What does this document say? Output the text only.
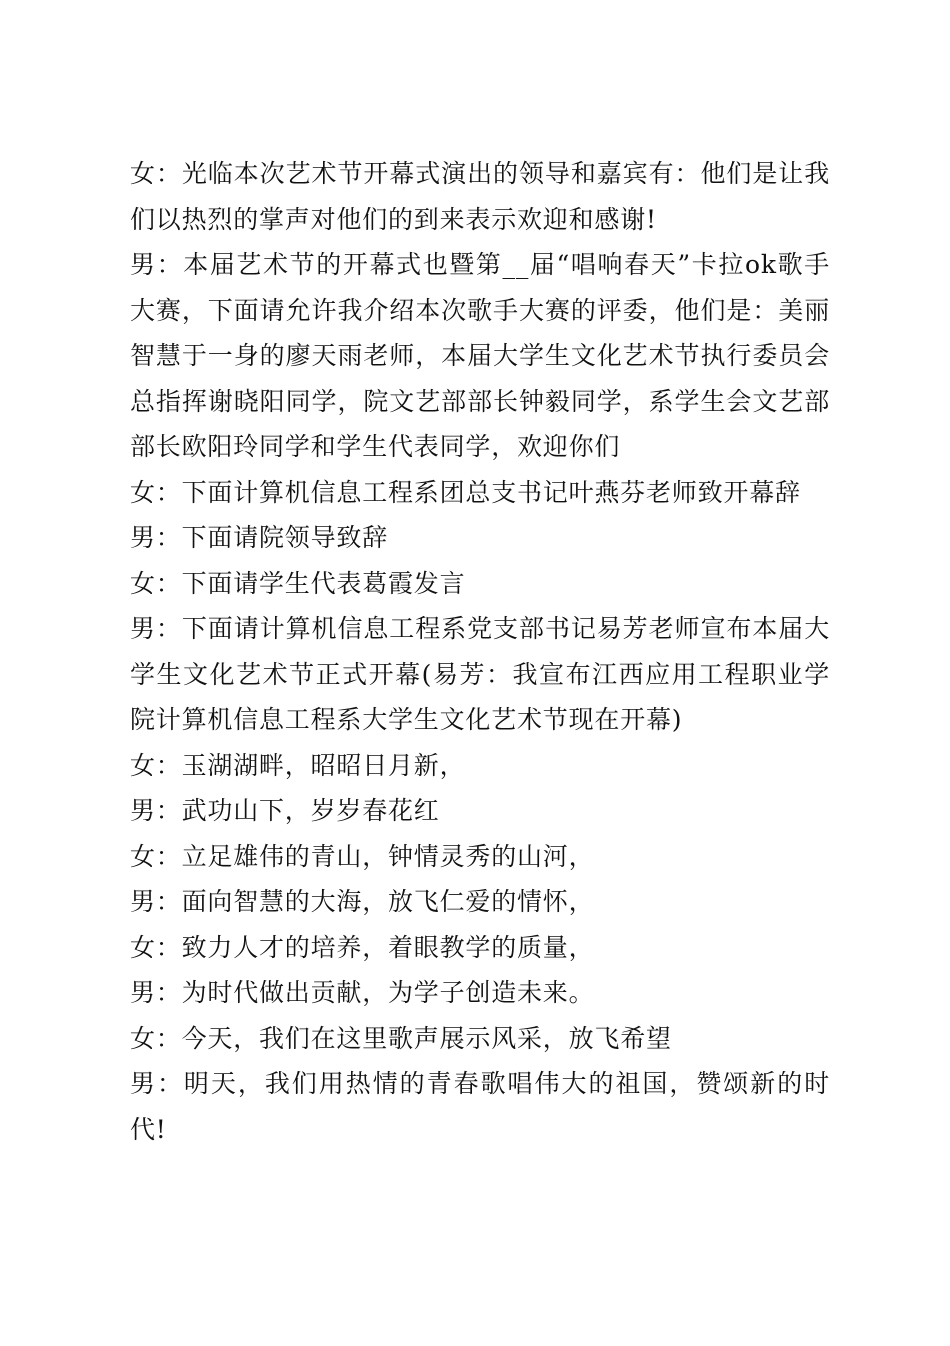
女：光临本次艺术节开幕式演出的领导和嘉宾有：他们是让我们以热烈的掌声对他们的到来表示欢迎和感谢!

男：本届艺术节的开幕式也暨第__届“唱响春天”卡拉ok歌手大赛，下面请允许我介绍本次歌手大赛的评委，他们是：美丽智慧于一身的廖天雨老师，本届大学生文化艺术节执行委员会总指挥谢晓阳同学，院文艺部部长钟毅同学，系学生会文艺部部长欧阳玲同学和学生代表同学，欢迎你们

女：下面计算机信息工程系团总支书记叶燕芬老师致开幕辞

男：下面请院领导致辞

女：下面请学生代表葛霞发言

男：下面请计算机信息工程系党支部书记易芳老师宣布本届大学生文化艺术节正式开幕(易芳：我宣布江西应用工程职业学院计算机信息工程系大学生文化艺术节现在开幕)

女：玉湖湖畔，昭昭日月新，

男：武功山下，岁岁春花红

女：立足雄伟的青山，钟情灵秀的山河，

男：面向智慧的大海，放飞仁爱的情怀，

女：致力人才的培养，着眼教学的质量，

男：为时代做出贡献，为学子创造未来。

女：今天，我们在这里歌声展示风采，放飞希望

男：明天，我们用热情的青春歌唱伟大的祖国，赞颂新的时代!
